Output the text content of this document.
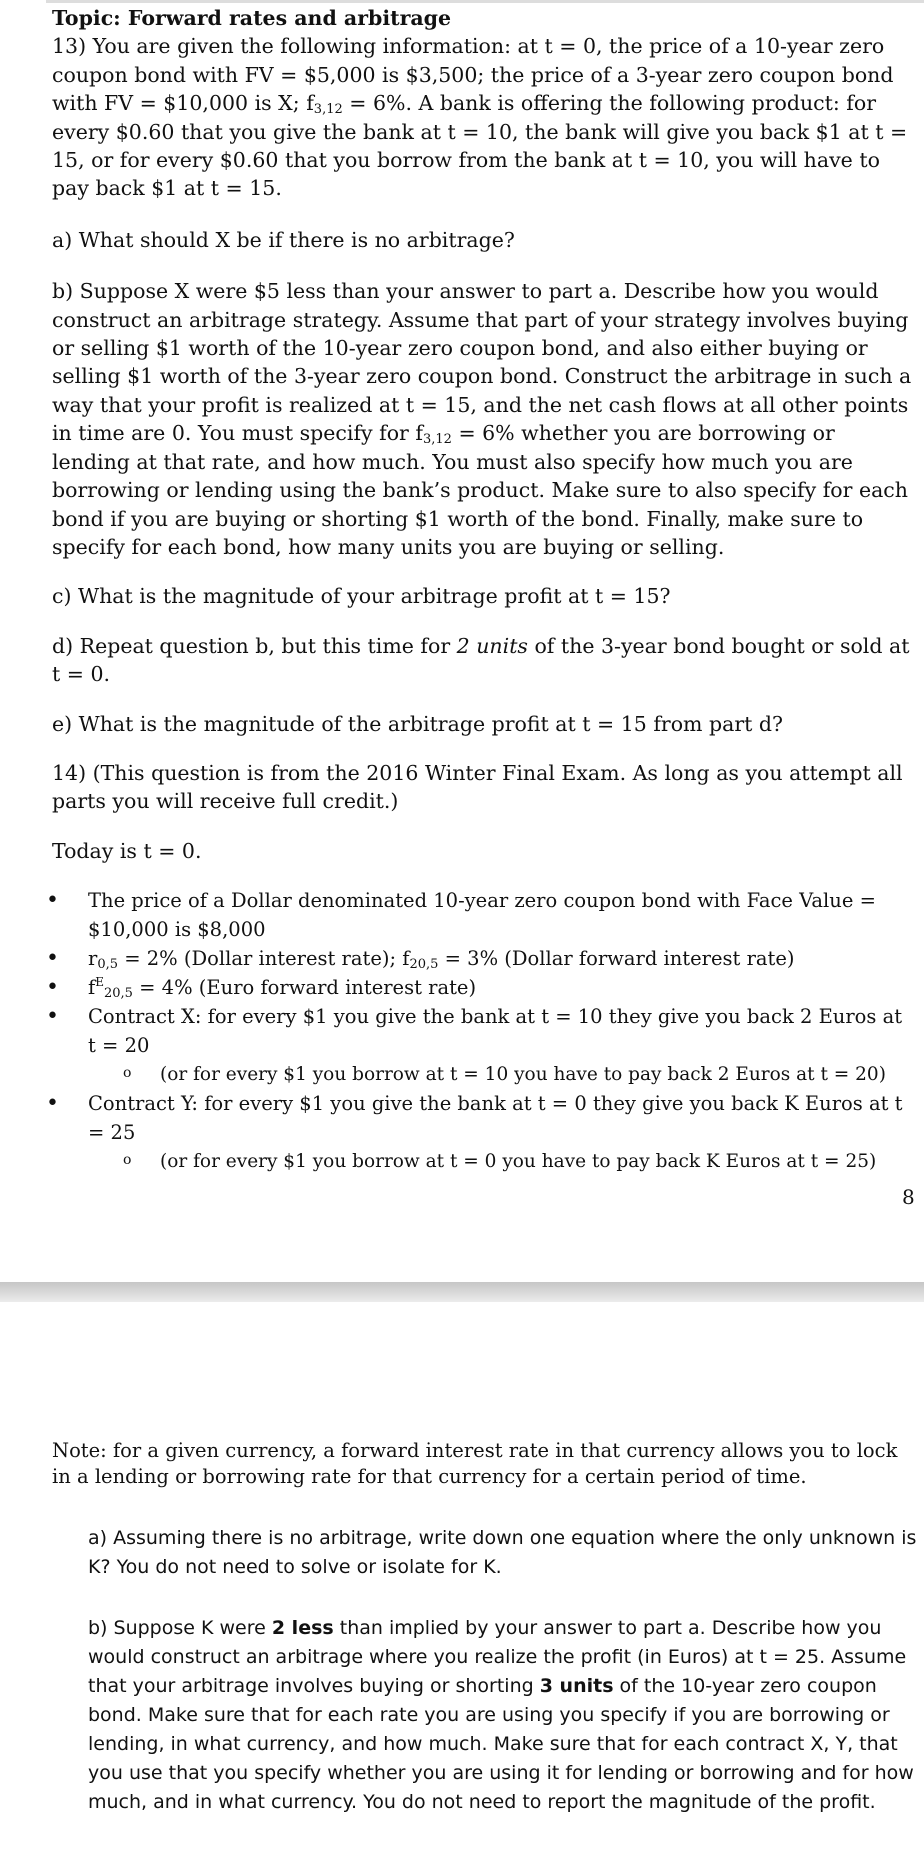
Topic: Forward rates and arbitrage

13) You are given the following information: at t = 0, the price of a 10-year zero coupon bond with FV = $5,000 is $3,500; the price of a 3-year zero coupon bond with FV = $10,000 is X; $f_{3,12} = 6\%$. A bank is offering the following product: for every $0.60 that you give the bank at t = 10, the bank will give you back $1 at t = 15, or for every $0.60 that you borrow from the bank at t = 10, you will have to pay back $1 at t = 15.

a) What should X be if there is no arbitrage?

b) Suppose X were $5 less than your answer to part a. Describe how you would construct an arbitrage strategy. Assume that part of your strategy involves buying or selling $1 worth of the 10-year zero coupon bond, and also either buying or selling $1 worth of the 3-year zero coupon bond. Construct the arbitrage in such a way that your profit is realized at t = 15, and the net cash flows at all other points in time are 0. You must specify for $f_{3,12} = 6\%$ whether you are borrowing or lending at that rate, and how much. You must also specify how much you are borrowing or lending using the bank’s product. Make sure to also specify for each bond if you are buying or shorting $1 worth of the bond. Finally, make sure to specify for each bond, how many units you are buying or selling.

c) What is the magnitude of your arbitrage profit at t = 15?

d) Repeat question b, but this time for 2 units of the 3-year bond bought or sold at t = 0.

e) What is the magnitude of the arbitrage profit at t = 15 from part d?

14) (This question is from the 2016 Winter Final Exam. As long as you attempt all parts you will receive full credit.)

Today is t = 0.

• The price of a Dollar denominated 10-year zero coupon bond with Face Value = $10,000 is $8,000
• $r_{0,5} = 2\%$ (Dollar interest rate); $f_{20,5} = 3\%$ (Dollar forward interest rate)
• $f^E_{20,5} = 4\%$ (Euro forward interest rate)
• Contract X: for every $1 you give the bank at t = 10 they give you back 2 Euros at t = 20
o (or for every $1 you borrow at t = 10 you have to pay back 2 Euros at t = 20)
• Contract Y: for every $1 you give the bank at t = 0 they give you back K Euros at t = 25
o (or for every $1 you borrow at t = 0 you have to pay back K Euros at t = 25)
8

Note: for a given currency, a forward interest rate in that currency allows you to lock in a lending or borrowing rate for that currency for a certain period of time.

a) Assuming there is no arbitrage, write down one equation where the only unknown is K? You do not need to solve or isolate for K.

b) Suppose K were 2 less than implied by your answer to part a. Describe how you would construct an arbitrage where you realize the profit (in Euros) at t = 25. Assume that your arbitrage involves buying or shorting 3 units of the 10-year zero coupon bond. Make sure that for each rate you are using you specify if you are borrowing or lending, in what currency, and how much. Make sure that for each contract X, Y, that you use that you specify whether you are using it for lending or borrowing and for how much, and in what currency. You do not need to report the magnitude of the profit.
